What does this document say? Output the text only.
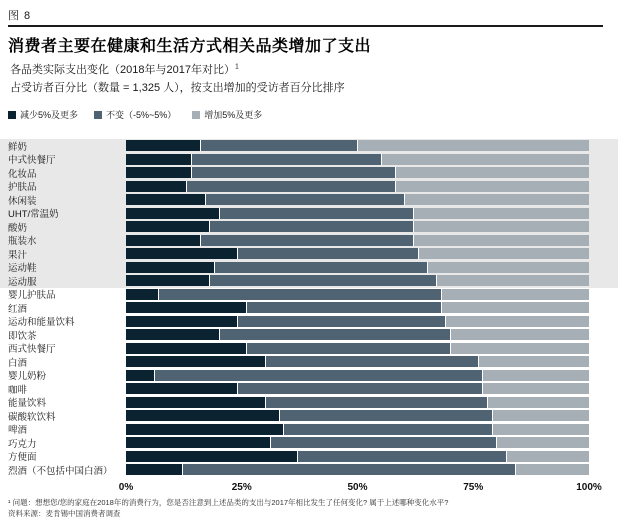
图 8
消费者主要在健康和生活方式相关品类增加了支出
各品类实际支出变化（2018年与2017年对比）$^1$
占受访者百分比（数量 = 1,325 人），按支出增加的受访者百分比排序
减少5%及更多	不变（-5%~5%）	增加5%及更多
鲜奶
中式快餐厅
化妆品
护肤品
休闲装
UHT/常温奶
酸奶
瓶装水
果汁
运动鞋
运动服
婴儿护肤品
红酒
运动和能量饮料
即饮茶
西式快餐厅
白酒
婴儿奶粉
咖啡
能量饮料
碳酸软饮料
啤酒
巧克力
方便面
烈酒（不包括中国白酒）
0%	25%	50%	75%	100%
¹ 问题：想想您/您的家庭在2018年的消费行为，您是否注意到上述品类的支出与2017年相比发生了任何变化? 属于上述哪种变化水平?
资料来源：麦肯锡中国消费者调查
